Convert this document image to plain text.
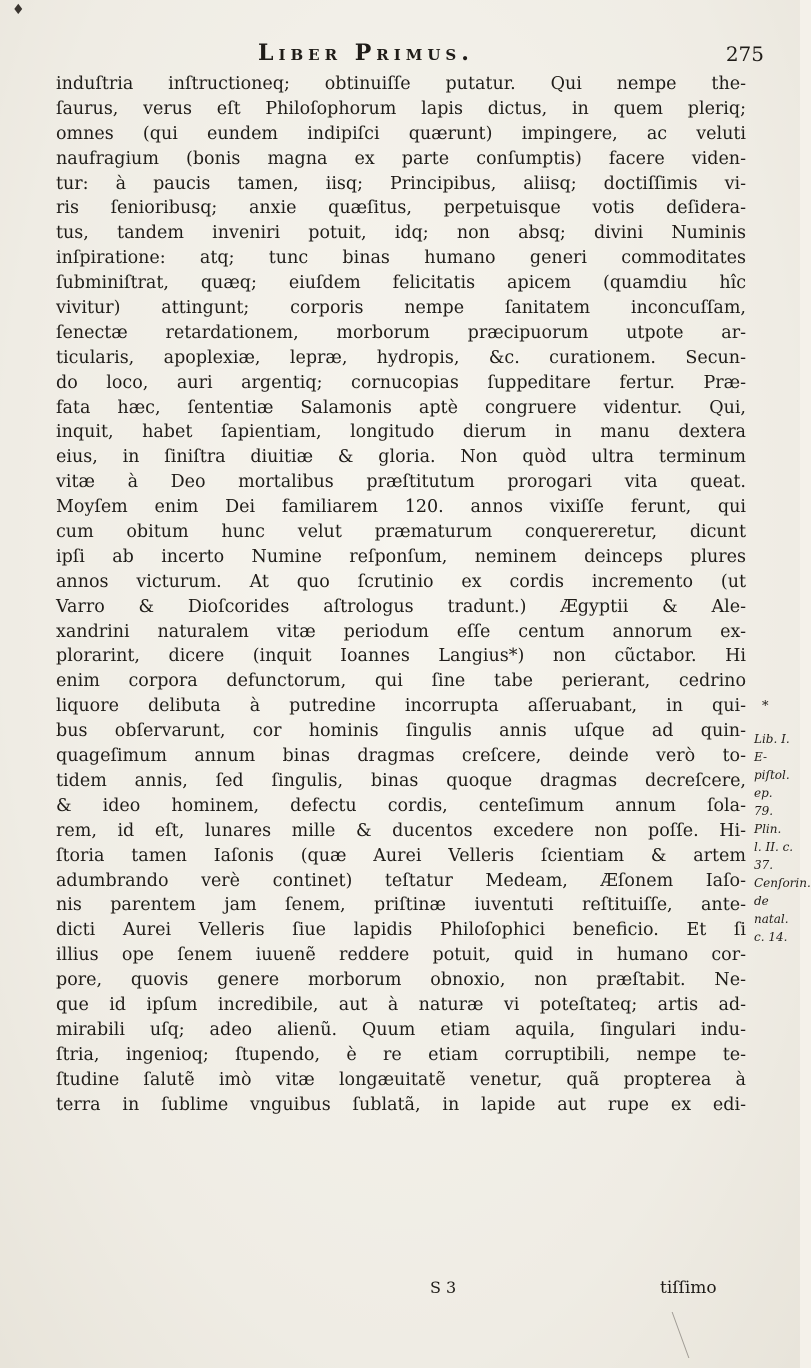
♦
Liber Primus.	275
induſtria inſtructioneq; obtinuiſſe putatur. Qui nempe the-
ſaurus, verus eſt Philoſophorum lapis dictus, in quem pleriq;
omnes (qui eundem indipiſci quærunt) impingere, ac veluti
naufragium (bonis magna ex parte conſumptis) facere viden-
tur: à paucis tamen, iisq; Principibus, aliisq; doctiſſimis vi-
ris ſenioribusq; anxie quæſitus, perpetuisque votis deſidera-
tus, tandem inveniri potuit, idq; non absq; divini Numinis
inſpiratione: atq; tunc binas humano generi commoditates
ſubminiſtrat, quæq; eiuſdem felicitatis apicem (quamdiu hîc
vivitur) attingunt; corporis nempe ſanitatem inconcuſſam,
ſenectæ retardationem, morborum præcipuorum utpote ar-
ticularis, apoplexiæ, lepræ, hydropis, &c. curationem. Secun-
do loco, auri argentiq; cornucopias ſuppeditare fertur. Præ-
fata hæc, ſententiæ Salamonis aptè congruere videntur. Qui,
inquit, habet ſapientiam, longitudo dierum in manu dextera
eius, in ſiniſtra diuitiæ & gloria. Non quòd ultra terminum
vitæ à Deo mortalibus præſtitutum prorogari vita queat.
Moyſem enim Dei familiarem 120. annos vixiſſe ferunt, qui
cum obitum hunc velut præmaturum conquereretur, dicunt
ipſi ab incerto Numine reſponſum, neminem deinceps plures
annos victurum. At quo ſcrutinio ex cordis incremento (ut
Varro & Dioſcorides aſtrologus tradunt.) Ægyptii & Ale-
xandrini naturalem vitæ periodum eſſe centum annorum ex-
plorarint, dicere (inquit Ioannes Langius*) non cũctabor. Hi
enim corpora defunctorum, qui ſine tabe perierant, cedrino
liquore delibuta à putredine incorrupta aſſeruabant, in qui-
bus obſervarunt, cor hominis ſingulis annis uſque ad quin-
quageſimum annum binas dragmas creſcere, deinde verò to-
tidem annis, ſed ſingulis, binas quoque dragmas decreſcere,
& ideo hominem, defectu cordis, centeſimum annum ſola-
rem, id eſt, lunares mille & ducentos excedere non poſſe. Hi-
ſtoria tamen Iaſonis (quæ Aurei Velleris ſcientiam & artem
adumbrando verè continet) teſtatur Medeam, Æſonem Iaſo-
nis parentem jam ſenem, priſtinæ iuventuti reſtituiſſe, ante-
dicti Aurei Velleris ſiue lapidis Philoſophici beneficio. Et ſi
illius ope ſenem iuuenẽ reddere potuit, quid in humano cor-
pore, quovis genere morborum obnoxio, non præſtabit. Ne-
que id ipſum incredibile, aut à naturæ vi poteſtateq; artis ad-
mirabili uſq; adeo alienũ. Quum etiam aquila, ſingulari indu-
ſtria, ingenioq; ſtupendo, è re etiam corruptibili, nempe te-
ſtudine ſalutẽ imò vitæ longæuitatẽ venetur, quã propterea à
terra in ſublime vnguibus ſublatã, in lapide aut rupe ex edi-
*
Lib. I. E-
piſtol. ep.
79. Plin.
l. II. c. 37.
Cenſorin.
de natal.
c. 14.
S 3	tiſſimo
